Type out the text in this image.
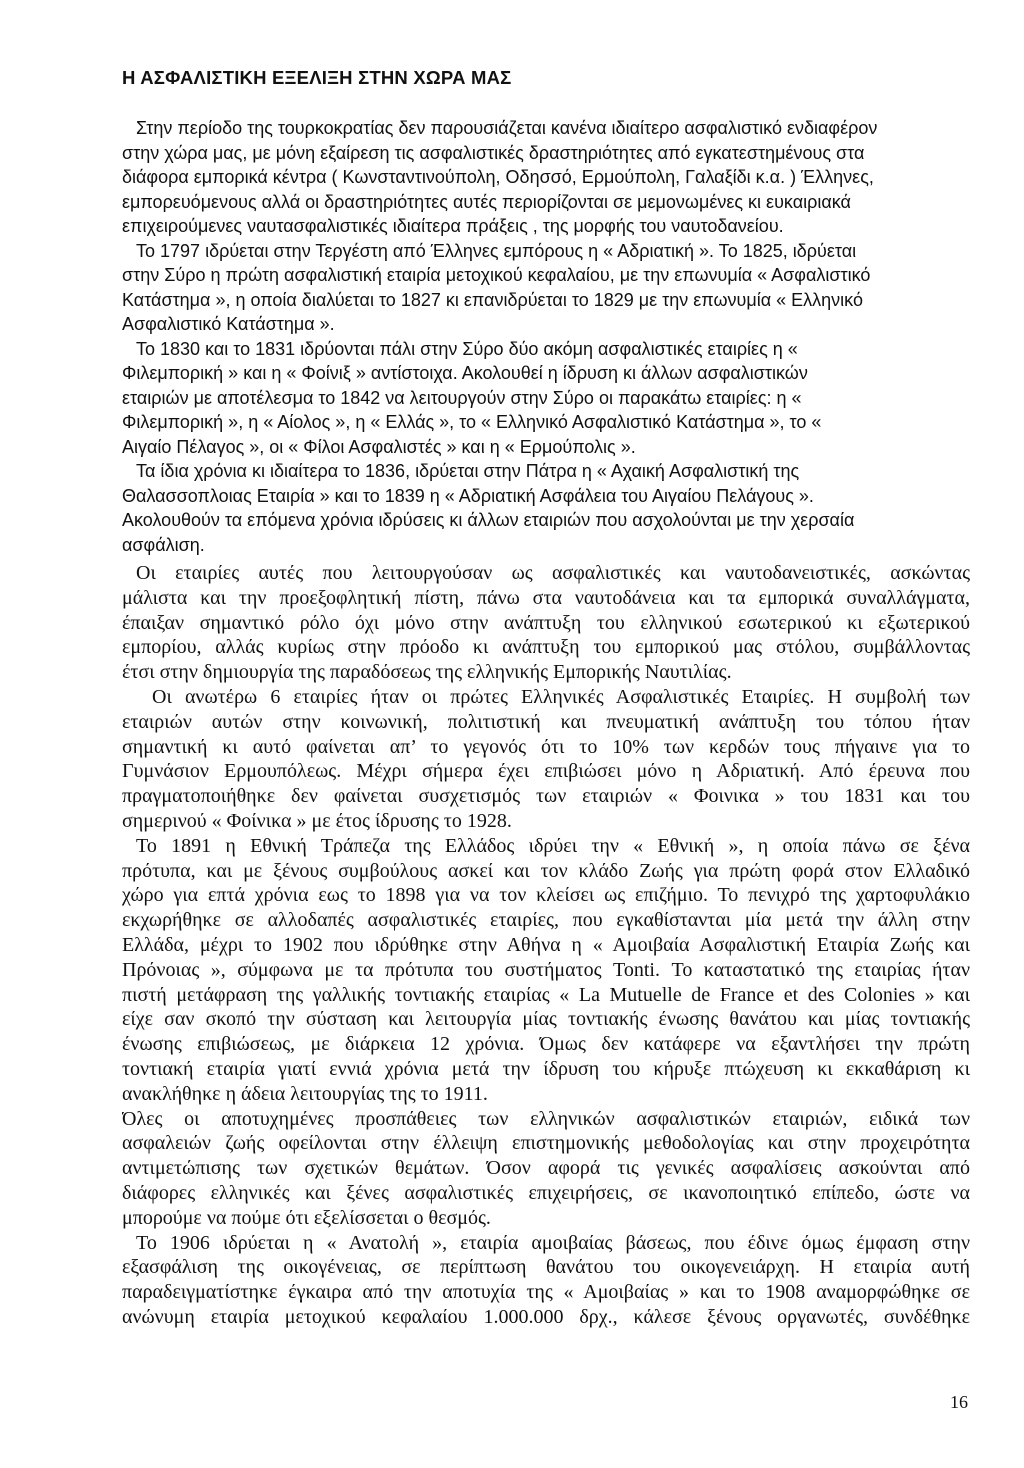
Η ΑΣΦΑΛΙΣΤΙΚΗ ΕΞΕΛΙΞΗ ΣΤΗΝ ΧΩΡΑ ΜΑΣ
Στην περίοδο της τουρκοκρατίας δεν παρουσιάζεται κανένα ιδιαίτερο ασφαλιστικό ενδιαφέρον
στην χώρα μας, με μόνη εξαίρεση τις ασφαλιστικές δραστηριότητες από εγκατεστημένους στα
διάφορα εμπορικά κέντρα ( Κωνσταντινούπολη, Οδησσό, Ερμούπολη, Γαλαξίδι κ.α. ) Έλληνες,
εμπορευόμενους αλλά οι δραστηριότητες αυτές περιορίζονται σε μεμονωμένες κι ευκαιριακά
επιχειρούμενες ναυτασφαλιστικές ιδιαίτερα πράξεις , της μορφής του ναυτοδανείου.
Το 1797 ιδρύεται στην Τεργέστη από Έλληνες εμπόρους η « Αδριατική ». Το 1825, ιδρύεται
στην Σύρο η πρώτη ασφαλιστική εταιρία μετοχικού κεφαλαίου, με την επωνυμία « Ασφαλιστικό
Κατάστημα », η οποία διαλύεται το 1827 κι επανιδρύεται το 1829 με την επωνυμία « Ελληνικό
Ασφαλιστικό Κατάστημα ».
Το 1830 και το 1831 ιδρύονται πάλι στην Σύρο δύο ακόμη ασφαλιστικές εταιρίες η «
Φιλεμπορική » και η « Φοίνιξ » αντίστοιχα. Ακολουθεί η ίδρυση κι άλλων ασφαλιστικών
εταιριών με αποτέλεσμα το 1842 να λειτουργούν στην Σύρο οι παρακάτω εταιρίες: η «
Φιλεμπορική », η « Αίολος », η « Ελλάς », το « Ελληνικό Ασφαλιστικό Κατάστημα », το «
Αιγαίο Πέλαγος », οι « Φίλοι Ασφαλιστές » και η « Ερμούπολις ».
Τα ίδια χρόνια κι ιδιαίτερα το 1836, ιδρύεται στην Πάτρα η « Αχαική Ασφαλιστική της
Θαλασσοπλοιας Εταιρία » και το 1839 η « Αδριατική Ασφάλεια του Αιγαίου Πελάγους ».
Ακολουθούν τα επόμενα χρόνια ιδρύσεις κι άλλων εταιριών που ασχολούνται με την χερσαία
ασφάλιση.
Οι εταιρίες αυτές που λειτουργούσαν ως ασφαλιστικές και ναυτοδανειστικές, ασκώντας
μάλιστα και την προεξοφλητική πίστη, πάνω στα ναυτοδάνεια και τα εμπορικά συναλλάγματα,
έπαιξαν σημαντικό ρόλο όχι μόνο στην ανάπτυξη του ελληνικού εσωτερικού κι εξωτερικού
εμπορίου, αλλάς κυρίως στην πρόοδο κι ανάπτυξη του εμπορικού μας στόλου, συμβάλλοντας
έτσι στην δημιουργία της παραδόσεως της ελληνικής Εμπορικής Ναυτιλίας.
Οι ανωτέρω 6 εταιρίες ήταν οι πρώτες Ελληνικές Ασφαλιστικές Εταιρίες. Η συμβολή των
εταιριών αυτών στην κοινωνική, πολιτιστική και πνευματική ανάπτυξη του τόπου ήταν
σημαντική κι αυτό φαίνεται απ’ το γεγονός ότι το 10% των κερδών τους πήγαινε για το
Γυμνάσιον Ερμουπόλεως. Μέχρι σήμερα έχει επιβιώσει μόνο η Αδριατική. Από έρευνα που
πραγματοποιήθηκε δεν φαίνεται συσχετισμός των εταιριών « Φοινικα » του 1831 και του
σημερινού « Φοίνικα » με έτος ίδρυσης το 1928.
Το 1891 η Εθνική Τράπεζα της Ελλάδος ιδρύει την « Εθνική », η οποία πάνω σε ξένα
πρότυπα, και με ξένους συμβούλους ασκεί και τον κλάδο Ζωής για πρώτη φορά στον Ελλαδικό
χώρο για επτά χρόνια εως το 1898 για να τον κλείσει ως επιζήμιο. Το πενιχρό της χαρτοφυλάκιο
εκχωρήθηκε σε αλλοδαπές ασφαλιστικές εταιρίες, που εγκαθίστανται μία μετά την άλλη στην
Ελλάδα, μέχρι το 1902 που ιδρύθηκε στην Αθήνα η « Αμοιβαία Ασφαλιστική Εταιρία Ζωής και
Πρόνοιας », σύμφωνα με τα πρότυπα του συστήματος Tonti. Το καταστατικό της εταιρίας ήταν
πιστή μετάφραση της γαλλικής τοντιακής εταιρίας « La Mutuelle de France et des Colonies » και
είχε σαν σκοπό την σύσταση και λειτουργία μίας τοντιακής ένωσης θανάτου και μίας τοντιακής
ένωσης επιβιώσεως, με διάρκεια 12 χρόνια. Όμως δεν κατάφερε να εξαντλήσει την πρώτη
τοντιακή εταιρία γιατί εννιά χρόνια μετά την ίδρυση του κήρυξε πτώχευση κι εκκαθάριση κι
ανακλήθηκε η άδεια λειτουργίας της το 1911.
Όλες οι αποτυχημένες προσπάθειες των ελληνικών ασφαλιστικών εταιριών, ειδικά των
ασφαλειών ζωής οφείλονται στην έλλειψη επιστημονικής μεθοδολογίας και στην προχειρότητα
αντιμετώπισης των σχετικών θεμάτων. Όσον αφορά τις γενικές ασφαλίσεις ασκούνται από
διάφορες ελληνικές και ξένες ασφαλιστικές επιχειρήσεις, σε ικανοποιητικό επίπεδο, ώστε να
μπορούμε να πούμε ότι εξελίσσεται ο θεσμός.
Το 1906 ιδρύεται η « Ανατολή », εταιρία αμοιβαίας βάσεως, που έδινε όμως έμφαση στην
εξασφάλιση της οικογένειας, σε περίπτωση θανάτου του οικογενειάρχη. Η εταιρία αυτή
παραδειγματίστηκε έγκαιρα από την αποτυχία της « Αμοιβαίας » και το 1908 αναμορφώθηκε σε
ανώνυμη εταιρία μετοχικού κεφαλαίου 1.000.000 δρχ., κάλεσε ξένους οργανωτές, συνδέθηκε
16
